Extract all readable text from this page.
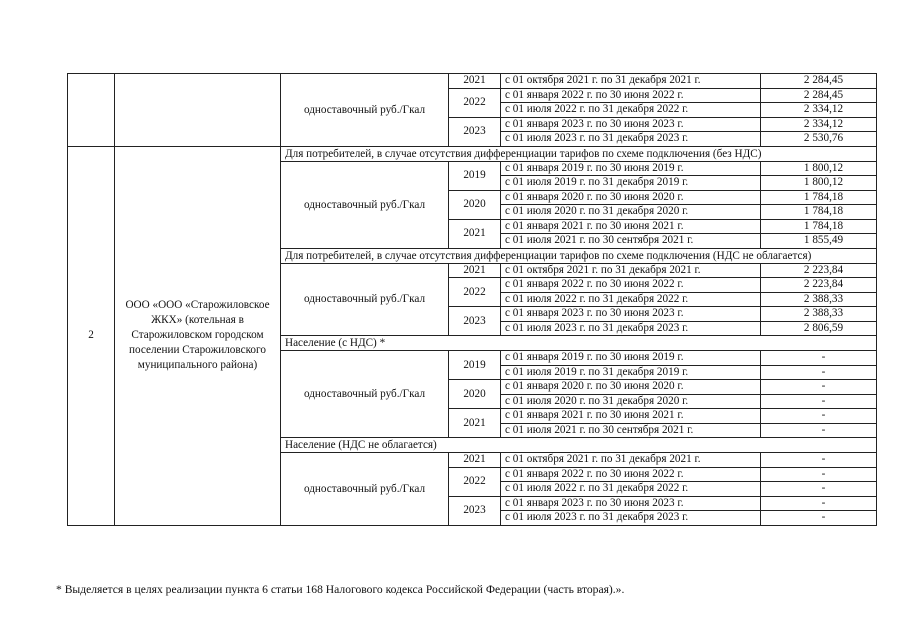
		одноставочный руб./Гкал	2021	с 01 октября 2021 г. по 31 декабря 2021 г.	2 284,45
			2022	с 01 января 2022 г. по 30 июня 2022 г.	2 284,45
				с 01 июля 2022 г. по 31 декабря 2022 г.	2 334,12
			2023	с 01 января 2023 г. по 30 июня 2023 г.	2 334,12
				с 01 июля 2023 г. по 31 декабря 2023 г.	2 530,76
2	ООО «ООО «Старожиловское ЖКХ» (котельная в Старожиловском городском поселении Старожиловского муниципального района)	Для потребителей, в случае отсутствия дифференциации тарифов по схеме подключения (без НДС)			
		одноставочный руб./Гкал	2019	с 01 января 2019 г. по 30 июня 2019 г.	1 800,12
				с 01 июля 2019 г. по 31 декабря 2019 г.	1 800,12
			2020	с 01 января 2020 г. по 30 июня 2020 г.	1 784,18
				с 01 июля 2020 г. по 31 декабря 2020 г.	1 784,18
			2021	с 01 января 2021 г. по 30 июня 2021 г.	1 784,18
				с 01 июля 2021 г. по 30 сентября 2021 г.	1 855,49
		Для потребителей, в случае отсутствия дифференциации тарифов по схеме подключения (НДС не облагается)			
		одноставочный руб./Гкал	2021	с 01 октября 2021 г. по 31 декабря 2021 г.	2 223,84
			2022	с 01 января 2022 г. по 30 июня 2022 г.	2 223,84
				с 01 июля 2022 г. по 31 декабря 2022 г.	2 388,33
			2023	с 01 января 2023 г. по 30 июня 2023 г.	2 388,33
				с 01 июля 2023 г. по 31 декабря 2023 г.	2 806,59
		Население (с НДС) *			
		одноставочный руб./Гкал	2019	с 01 января 2019 г. по 30 июня 2019 г.	-
				с 01 июля 2019 г. по 31 декабря 2019 г.	-
			2020	с 01 января 2020 г. по 30 июня 2020 г.	-
				с 01 июля 2020 г. по 31 декабря 2020 г.	-
			2021	с 01 января 2021 г. по 30 июня 2021 г.	-
				с 01 июля 2021 г. по 30 сентября 2021 г.	-
		Население (НДС не облагается)			
		одноставочный руб./Гкал	2021	с 01 октября 2021 г. по 31 декабря 2021 г.	-
			2022	с 01 января 2022 г. по 30 июня 2022 г.	-
				с 01 июля 2022 г. по 31 декабря 2022 г.	-
			2023	с 01 января 2023 г. по 30 июня 2023 г.	-
				с 01 июля 2023 г. по 31 декабря 2023 г.	-
* Выделяется в целях реализации пункта 6 статьи 168 Налогового кодекса Российской Федерации (часть вторая).».
